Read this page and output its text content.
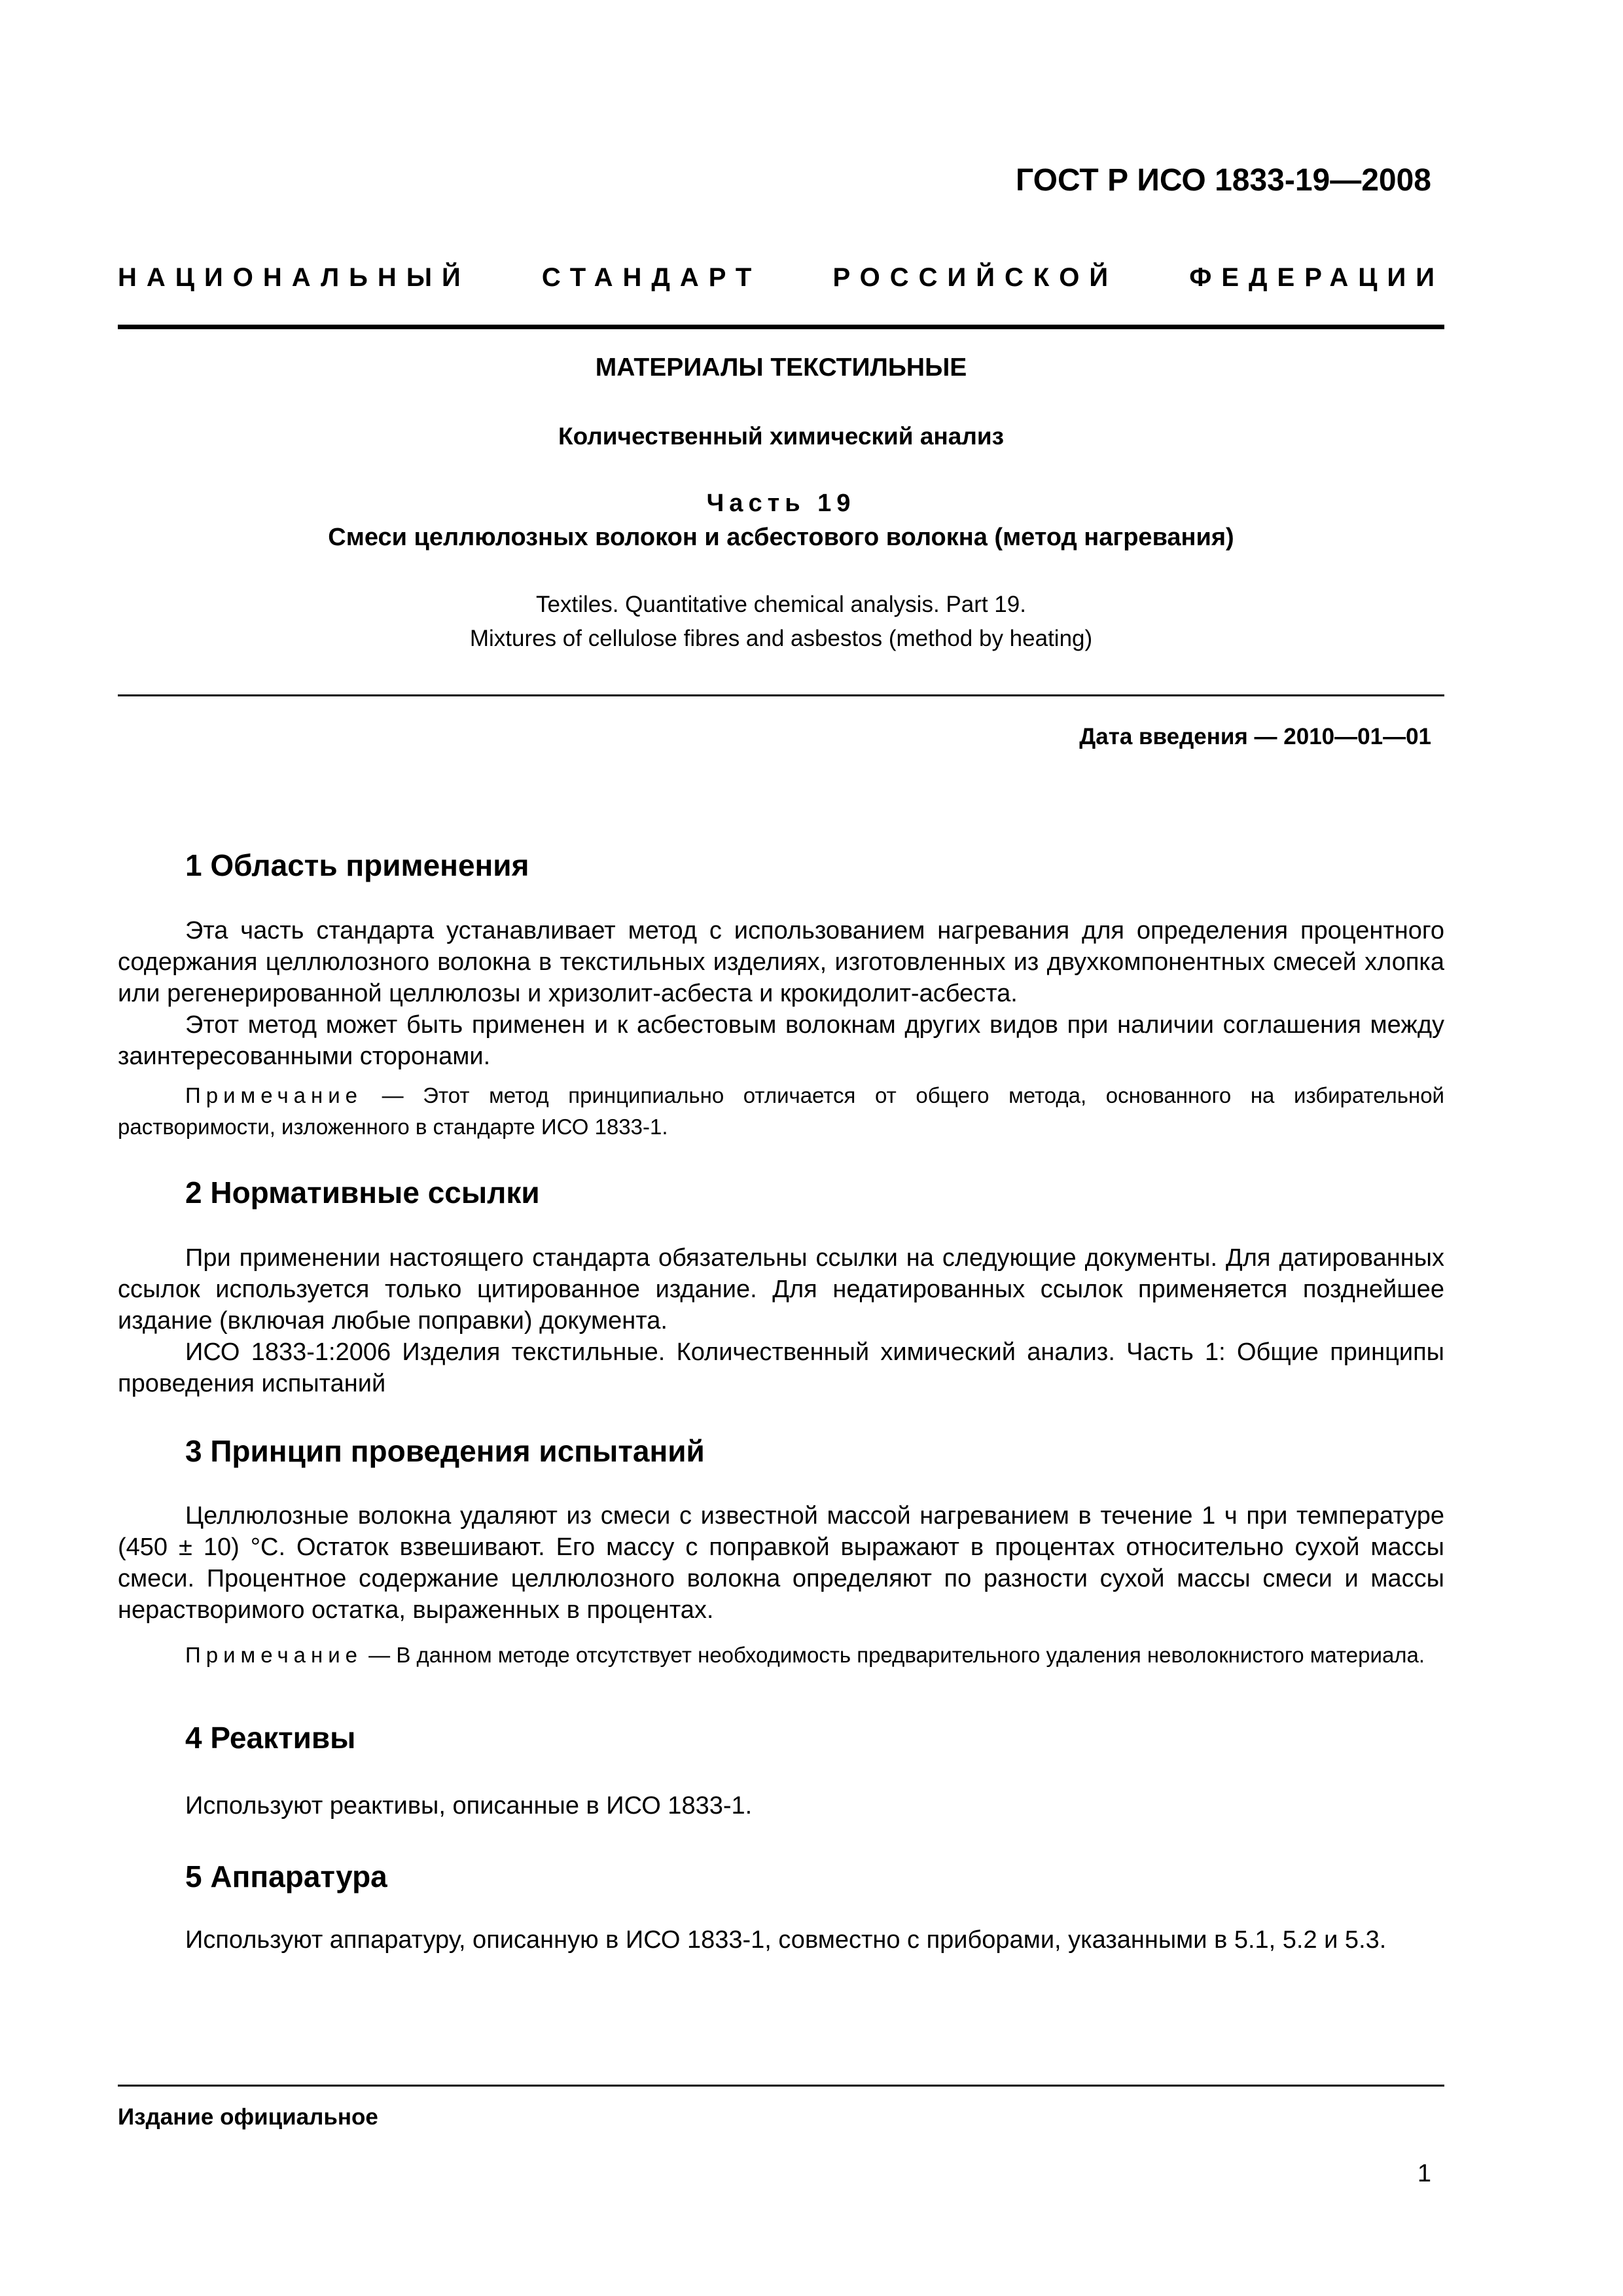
ГОСТ Р ИСО 1833-19—2008
НАЦИОНАЛЬНЫЙ	СТАНДАРТ	РОССИЙСКОЙ	ФЕДЕРАЦИИ
МАТЕРИАЛЫ ТЕКСТИЛЬНЫЕ
Количественный химический анализ
Часть 19
Смеси целлюлозных волокон и асбестового волокна (метод нагревания)
Textiles. Quantitative chemical analysis. Part 19.
Mixtures of cellulose fibres and asbestos (method by heating)
Дата введения — 2010—01—01
1 Область применения
Эта часть стандарта устанавливает метод с использованием нагревания для определения процентного содержания целлюлозного волокна в текстильных изделиях, изготовленных из двухкомпонентных смесей хлопка или регенерированной целлюлозы и хризолит-асбеста и крокидолит-асбеста.
Этот метод может быть применен и к асбестовым волокнам других видов при наличии соглашения между заинтересованными сторонами.
Примечание — Этот метод принципиально отличается от общего метода, основанного на избирательной растворимости, изложенного в стандарте ИСО 1833-1.
2 Нормативные ссылки
При применении настоящего стандарта обязательны ссылки на следующие документы. Для датированных ссылок используется только цитированное издание. Для недатированных ссылок применяется позднейшее издание (включая любые поправки) документа.
ИСО 1833-1:2006 Изделия текстильные. Количественный химический анализ. Часть 1: Общие принципы проведения испытаний
3 Принцип проведения испытаний
Целлюлозные волокна удаляют из смеси с известной массой нагреванием в течение 1 ч при температуре (450 ± 10) °С. Остаток взвешивают. Его массу с поправкой выражают в процентах относительно сухой массы смеси. Процентное содержание целлюлозного волокна определяют по разности сухой массы смеси и массы нерастворимого остатка, выраженных в процентах.
Примечание — В данном методе отсутствует необходимость предварительного удаления неволокнистого материала.
4 Реактивы
Используют реактивы, описанные в ИСО 1833-1.
5 Аппаратура
Используют аппаратуру, описанную в ИСО 1833-1, совместно с приборами, указанными в 5.1, 5.2 и 5.3.
Издание официальное
1
